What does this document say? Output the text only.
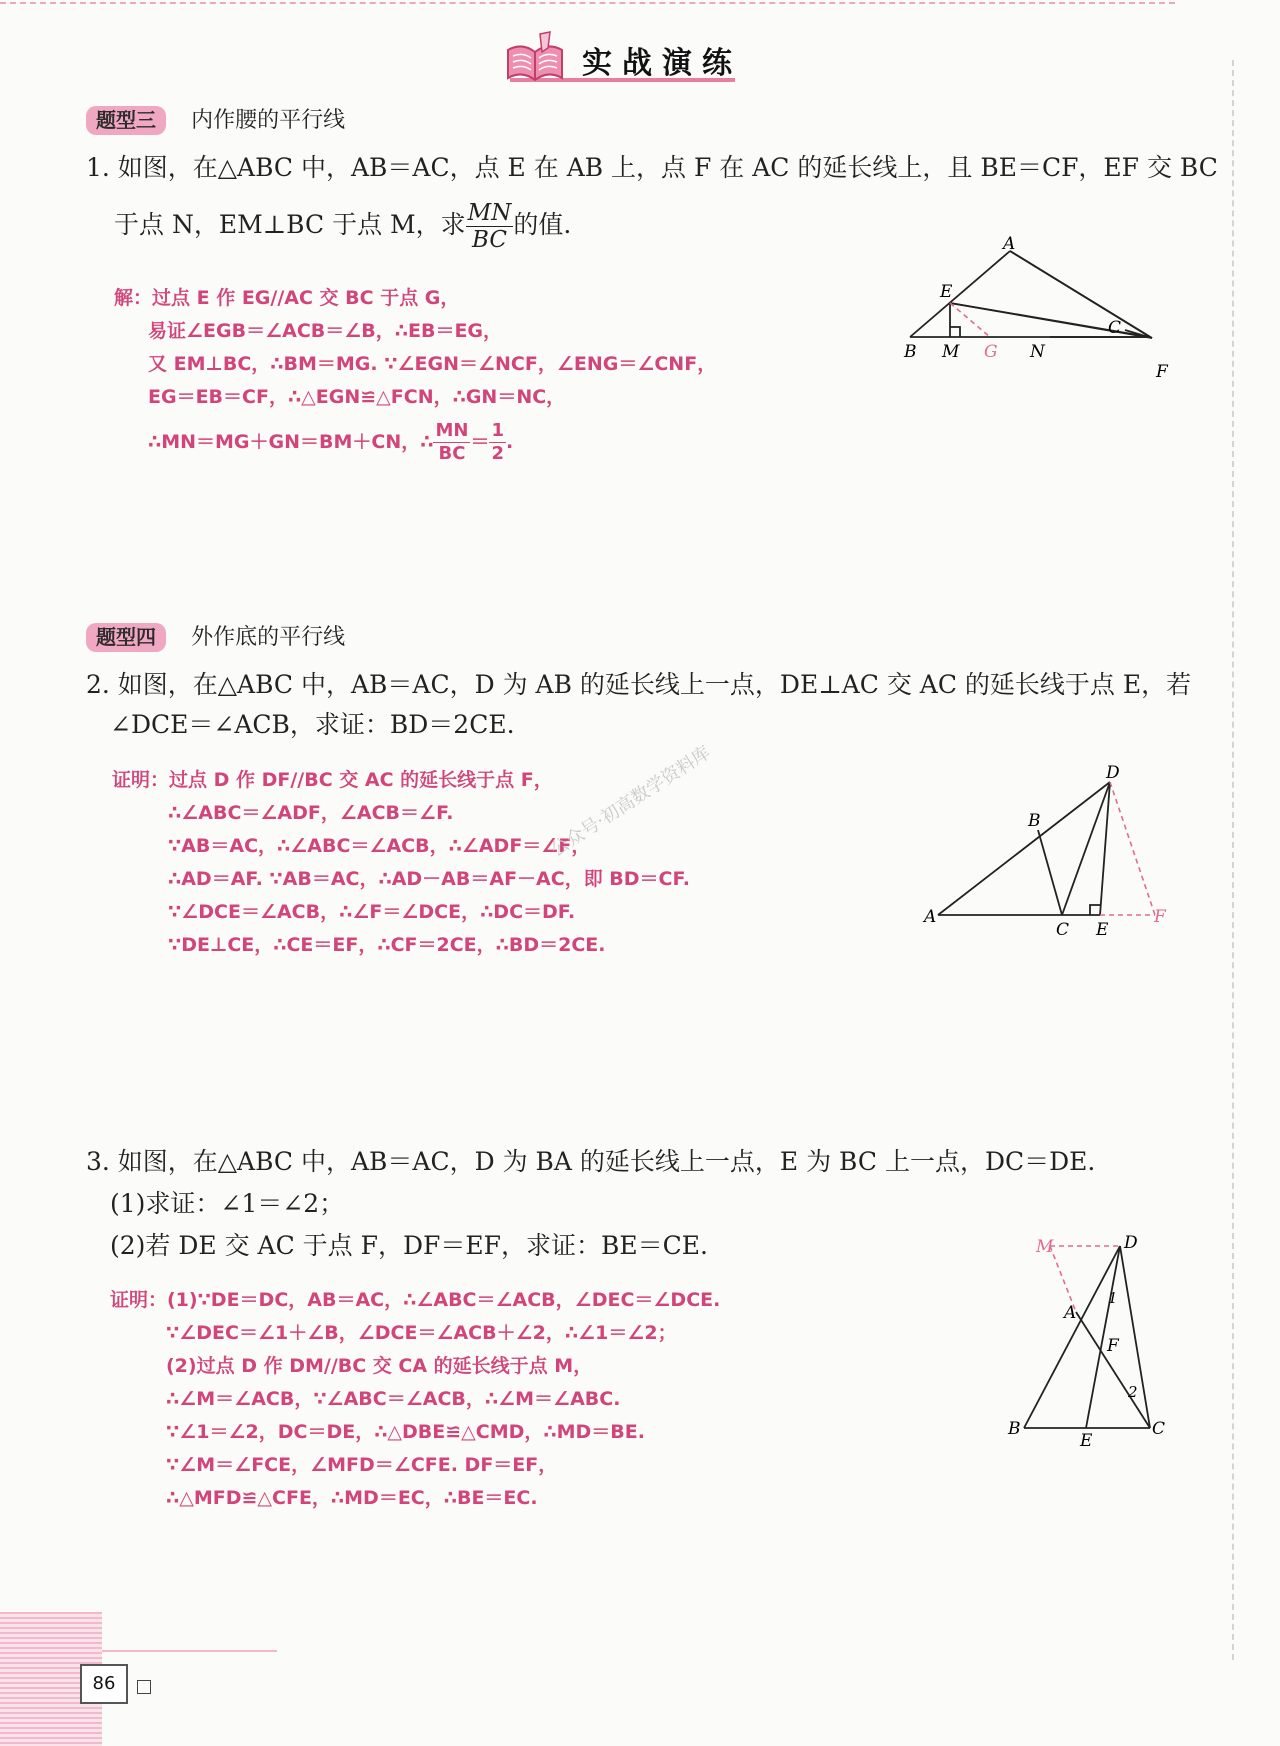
实战演练
题型三 内作腰的平行线
1. 如图，在△ABC 中，AB＝AC，点 E 在 AB 上，点 F 在 AC 的延长线上，且 BE＝CF，EF 交 BC
于点 N，EM⊥BC 于点 M，求 $\frac{MN}{BC}$ 的值.
解：过点 E 作 EG//AC 交 BC 于点 G，
易证∠EGB＝∠ACB＝∠B，∴EB＝EG，
又 EM⊥BC，∴BM＝MG. ∵∠EGN＝∠NCF，∠ENG＝∠CNF，
EG＝EB＝CF，∴△EGN≌△FCN，∴GN＝NC，
∴MN＝MG＋GN＝BM＋CN，∴ $\frac{MN}{BC} = \frac{1}{2}$ .
A
E
B M G N
C
F
题型四 外作底的平行线
2. 如图，在△ABC 中，AB＝AC，D 为 AB 的延长线上一点，DE⊥AC 交 AC 的延长线于点 E，若
∠DCE＝∠ACB，求证：BD＝2CE.
证明：过点 D 作 DF//BC 交 AC 的延长线于点 F，
∴∠ABC＝∠ADF，∠ACB＝∠F.
∵AB＝AC，∴∠ABC＝∠ACB，∴∠ADF＝∠F，
∴AD＝AF. ∵AB＝AC，∴AD－AB＝AF－AC，即 BD＝CF.
∵∠DCE＝∠ACB，∴∠F＝∠DCE，∴DC＝DF.
∵DE⊥CE，∴CE＝EF，∴CF＝2CE，∴BD＝2CE.
公众号·初高数学资料库
A
B
C
D
E
F
3. 如图，在△ABC 中，AB＝AC，D 为 BA 的延长线上一点，E 为 BC 上一点，DC＝DE.
(1)求证：∠1＝∠2；
(2)若 DE 交 AC 于点 F，DF＝EF，求证：BE＝CE.
证明：(1)∵DE＝DC，AB＝AC，∴∠ABC＝∠ACB，∠DEC＝∠DCE.
∵∠DEC＝∠1＋∠B，∠DCE＝∠ACB＋∠2，∴∠1＝∠2；
(2)过点 D 作 DM//BC 交 CA 的延长线于点 M，
∴∠M＝∠ACB，∵∠ABC＝∠ACB，∴∠M＝∠ABC.
∵∠1＝∠2，DC＝DE，∴△DBE≌△CMD，∴MD＝BE.
∵∠M＝∠FCE，∠MFD＝∠CFE. DF＝EF，
∴△MFD≌△CFE，∴MD＝EC，∴BE＝EC.
M	D
A
1
F
2
B
E
C
86
